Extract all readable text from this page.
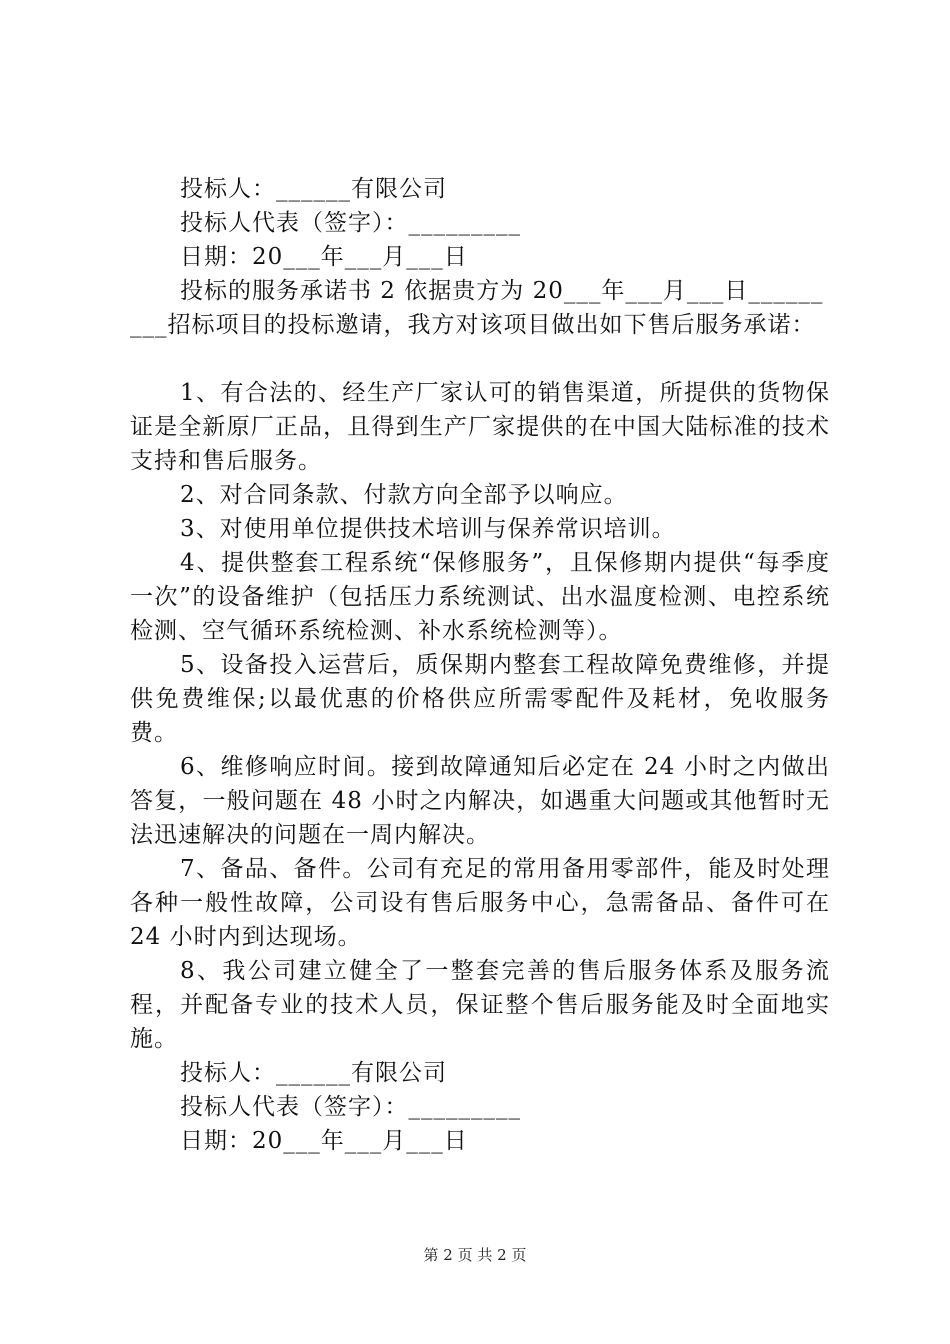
投标人：______有限公司
投标人代表（签字）：_________
日期：20___年___月___日
投标的服务承诺书 2 依据贵方为 20___年___月___日______
___招标项目的投标邀请，我方对该项目做出如下售后服务承诺：
1、有合法的、经生产厂家认可的销售渠道，所提供的货物保证是全新原厂正品，且得到生产厂家提供的在中国大陆标准的技术支持和售后服务。
2、对合同条款、付款方向全部予以响应。
3、对使用单位提供技术培训与保养常识培训。
4、提供整套工程系统“保修服务”，且保修期内提供“每季度一次”的设备维护（包括压力系统测试、出水温度检测、电控系统检测、空气循环系统检测、补水系统检测等）。
5、设备投入运营后，质保期内整套工程故障免费维修，并提供免费维保;以最优惠的价格供应所需零配件及耗材，免收服务费。
6、维修响应时间。接到故障通知后必定在 24 小时之内做出答复，一般问题在 48 小时之内解决，如遇重大问题或其他暂时无法迅速解决的问题在一周内解决。
7、备品、备件。公司有充足的常用备用零部件，能及时处理各种一般性故障，公司设有售后服务中心，急需备品、备件可在 24 小时内到达现场。
8、我公司建立健全了一整套完善的售后服务体系及服务流程，并配备专业的技术人员，保证整个售后服务能及时全面地实施。
投标人：______有限公司
投标人代表（签字）：_________
日期：20___年___月___日
第 2 页 共 2 页
